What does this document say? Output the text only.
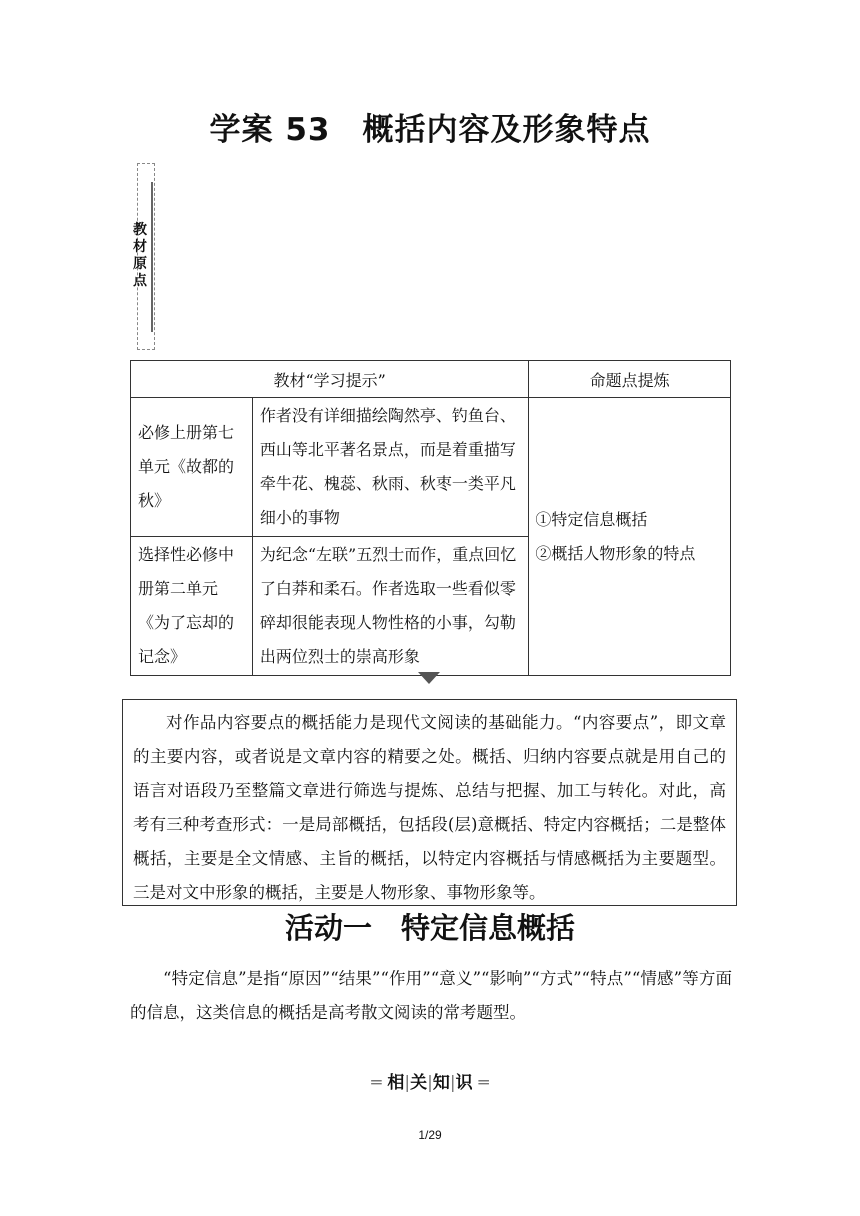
学案 53　概括内容及形象特点
教材原点
教材“学习提示”		命题点提炼

必修上册第七单元《故都的秋》	作者没有详细描绘陶然亭、钓鱼台、西山等北平著名景点，而是着重描写牵牛花、槐蕊、秋雨、秋枣一类平凡细小的事物	①特定信息概括
②概括人物形象的特点

选择性必修中册第二单元《为了忘却的记念》	为纪念“左联”五烈士而作，重点回忆了白莽和柔石。作者选取一些看似零碎却很能表现人物性格的小事，勾勒出两位烈士的崇高形象	
对作品内容要点的概括能力是现代文阅读的基础能力。“内容要点”，即文章的主要内容，或者说是文章内容的精要之处。概括、归纳内容要点就是用自己的语言对语段乃至整篇文章进行筛选与提炼、总结与把握、加工与转化。对此，高考有三种考查形式：一是局部概括，包括段(层)意概括、特定内容概括；二是整体概括，主要是全文情感、主旨的概括，以特定内容概括与情感概括为主要题型。三是对文中形象的概括，主要是人物形象、事物形象等。
活动一　特定信息概括
“特定信息”是指“原因”“结果”“作用”“意义”“影响”“方式”“特点”“情感”等方面的信息，这类信息的概括是高考散文阅读的常考题型。
═ 相|关|知|识 ═
1/29
